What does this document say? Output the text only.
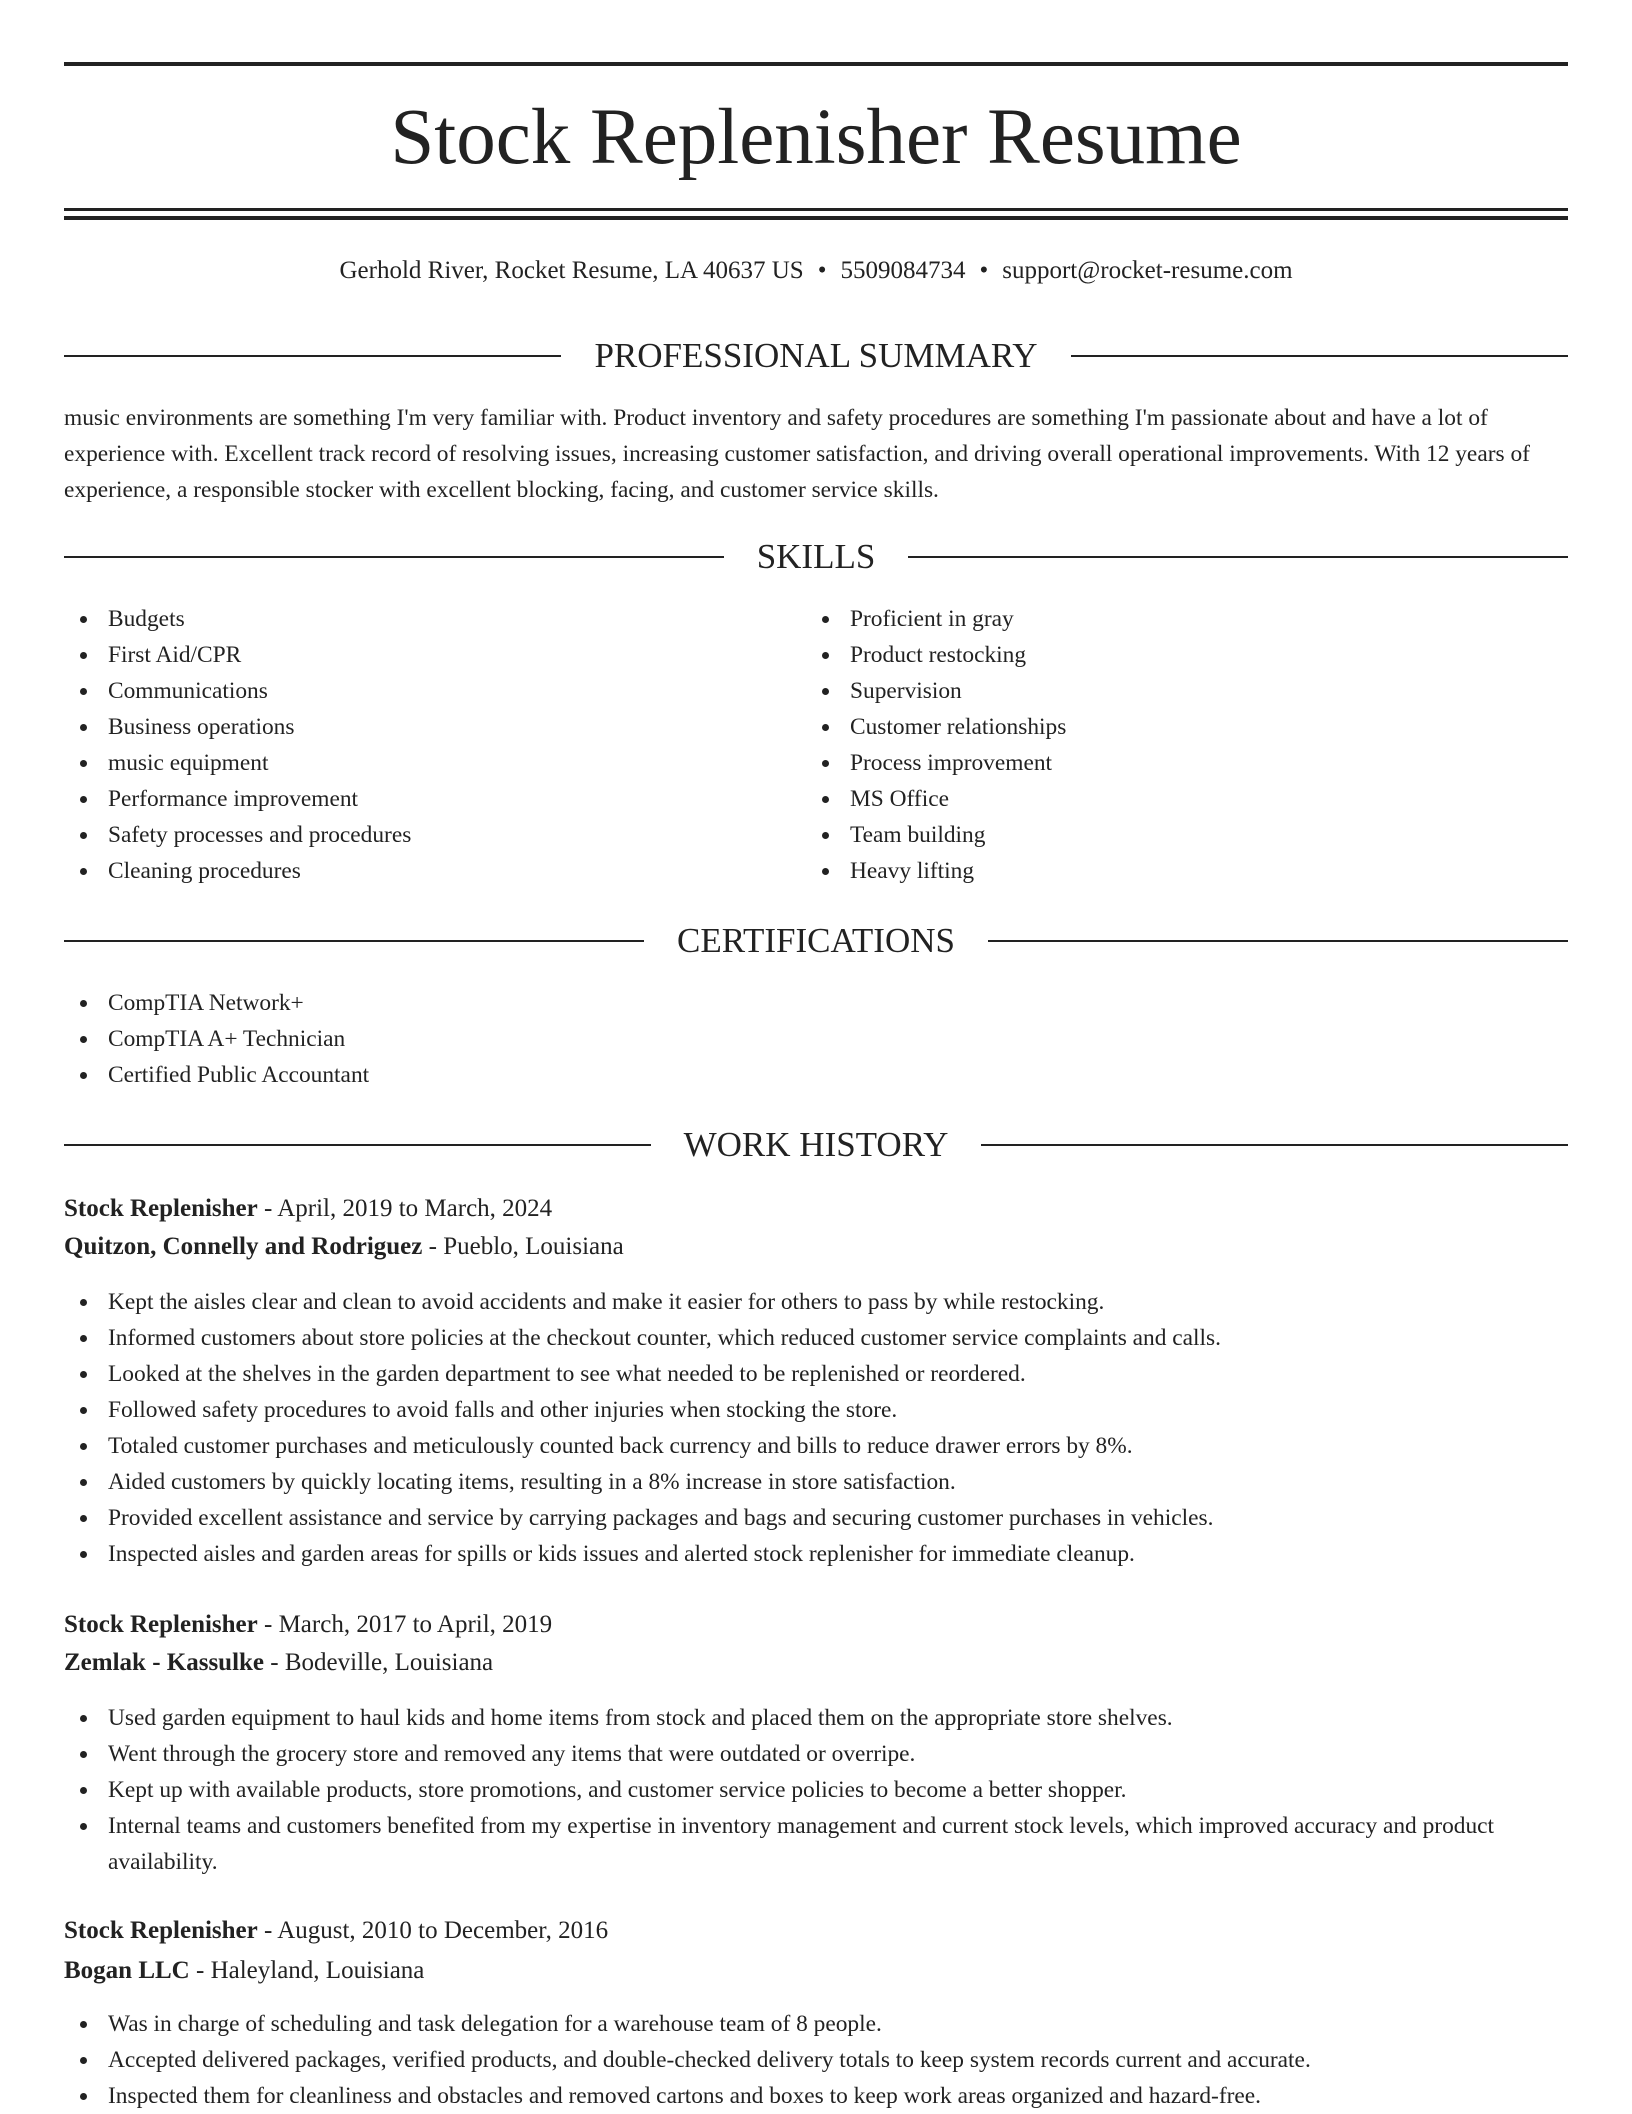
Stock Replenisher Resume
Gerhold River, Rocket Resume, LA 40637 US • 5509084734 • support@rocket-resume.com
PROFESSIONAL SUMMARY

music environments are something I'm very familiar with. Product inventory and safety procedures are something I'm passionate about and have a lot of experience with. Excellent track record of resolving issues, increasing customer satisfaction, and driving overall operational improvements. With 12 years of experience, a responsible stocker with excellent blocking, facing, and customer service skills.

SKILLS
Budgets
First Aid/CPR
Communications
Business operations
music equipment
Performance improvement
Safety processes and procedures
Cleaning procedures
Proficient in gray
Product restocking
Supervision
Customer relationships
Process improvement
MS Office
Team building
Heavy lifting
CERTIFICATIONS
CompTIA Network+
CompTIA A+ Technician
Certified Public Accountant
WORK HISTORY
Stock Replenisher - April, 2019 to March, 2024
Quitzon, Connelly and Rodriguez - Pueblo, Louisiana
Kept the aisles clear and clean to avoid accidents and make it easier for others to pass by while restocking.
Informed customers about store policies at the checkout counter, which reduced customer service complaints and calls.
Looked at the shelves in the garden department to see what needed to be replenished or reordered.
Followed safety procedures to avoid falls and other injuries when stocking the store.
Totaled customer purchases and meticulously counted back currency and bills to reduce drawer errors by 8%.
Aided customers by quickly locating items, resulting in a 8% increase in store satisfaction.
Provided excellent assistance and service by carrying packages and bags and securing customer purchases in vehicles.
Inspected aisles and garden areas for spills or kids issues and alerted stock replenisher for immediate cleanup.
Stock Replenisher - March, 2017 to April, 2019
Zemlak - Kassulke - Bodeville, Louisiana
Used garden equipment to haul kids and home items from stock and placed them on the appropriate store shelves.
Went through the grocery store and removed any items that were outdated or overripe.
Kept up with available products, store promotions, and customer service policies to become a better shopper.
Internal teams and customers benefited from my expertise in inventory management and current stock levels, which improved accuracy and product availability.
Stock Replenisher - August, 2010 to December, 2016
Bogan LLC - Haleyland, Louisiana
Was in charge of scheduling and task delegation for a warehouse team of 8 people.
Accepted delivered packages, verified products, and double-checked delivery totals to keep system records current and accurate.
Inspected them for cleanliness and obstacles and removed cartons and boxes to keep work areas organized and hazard-free.
